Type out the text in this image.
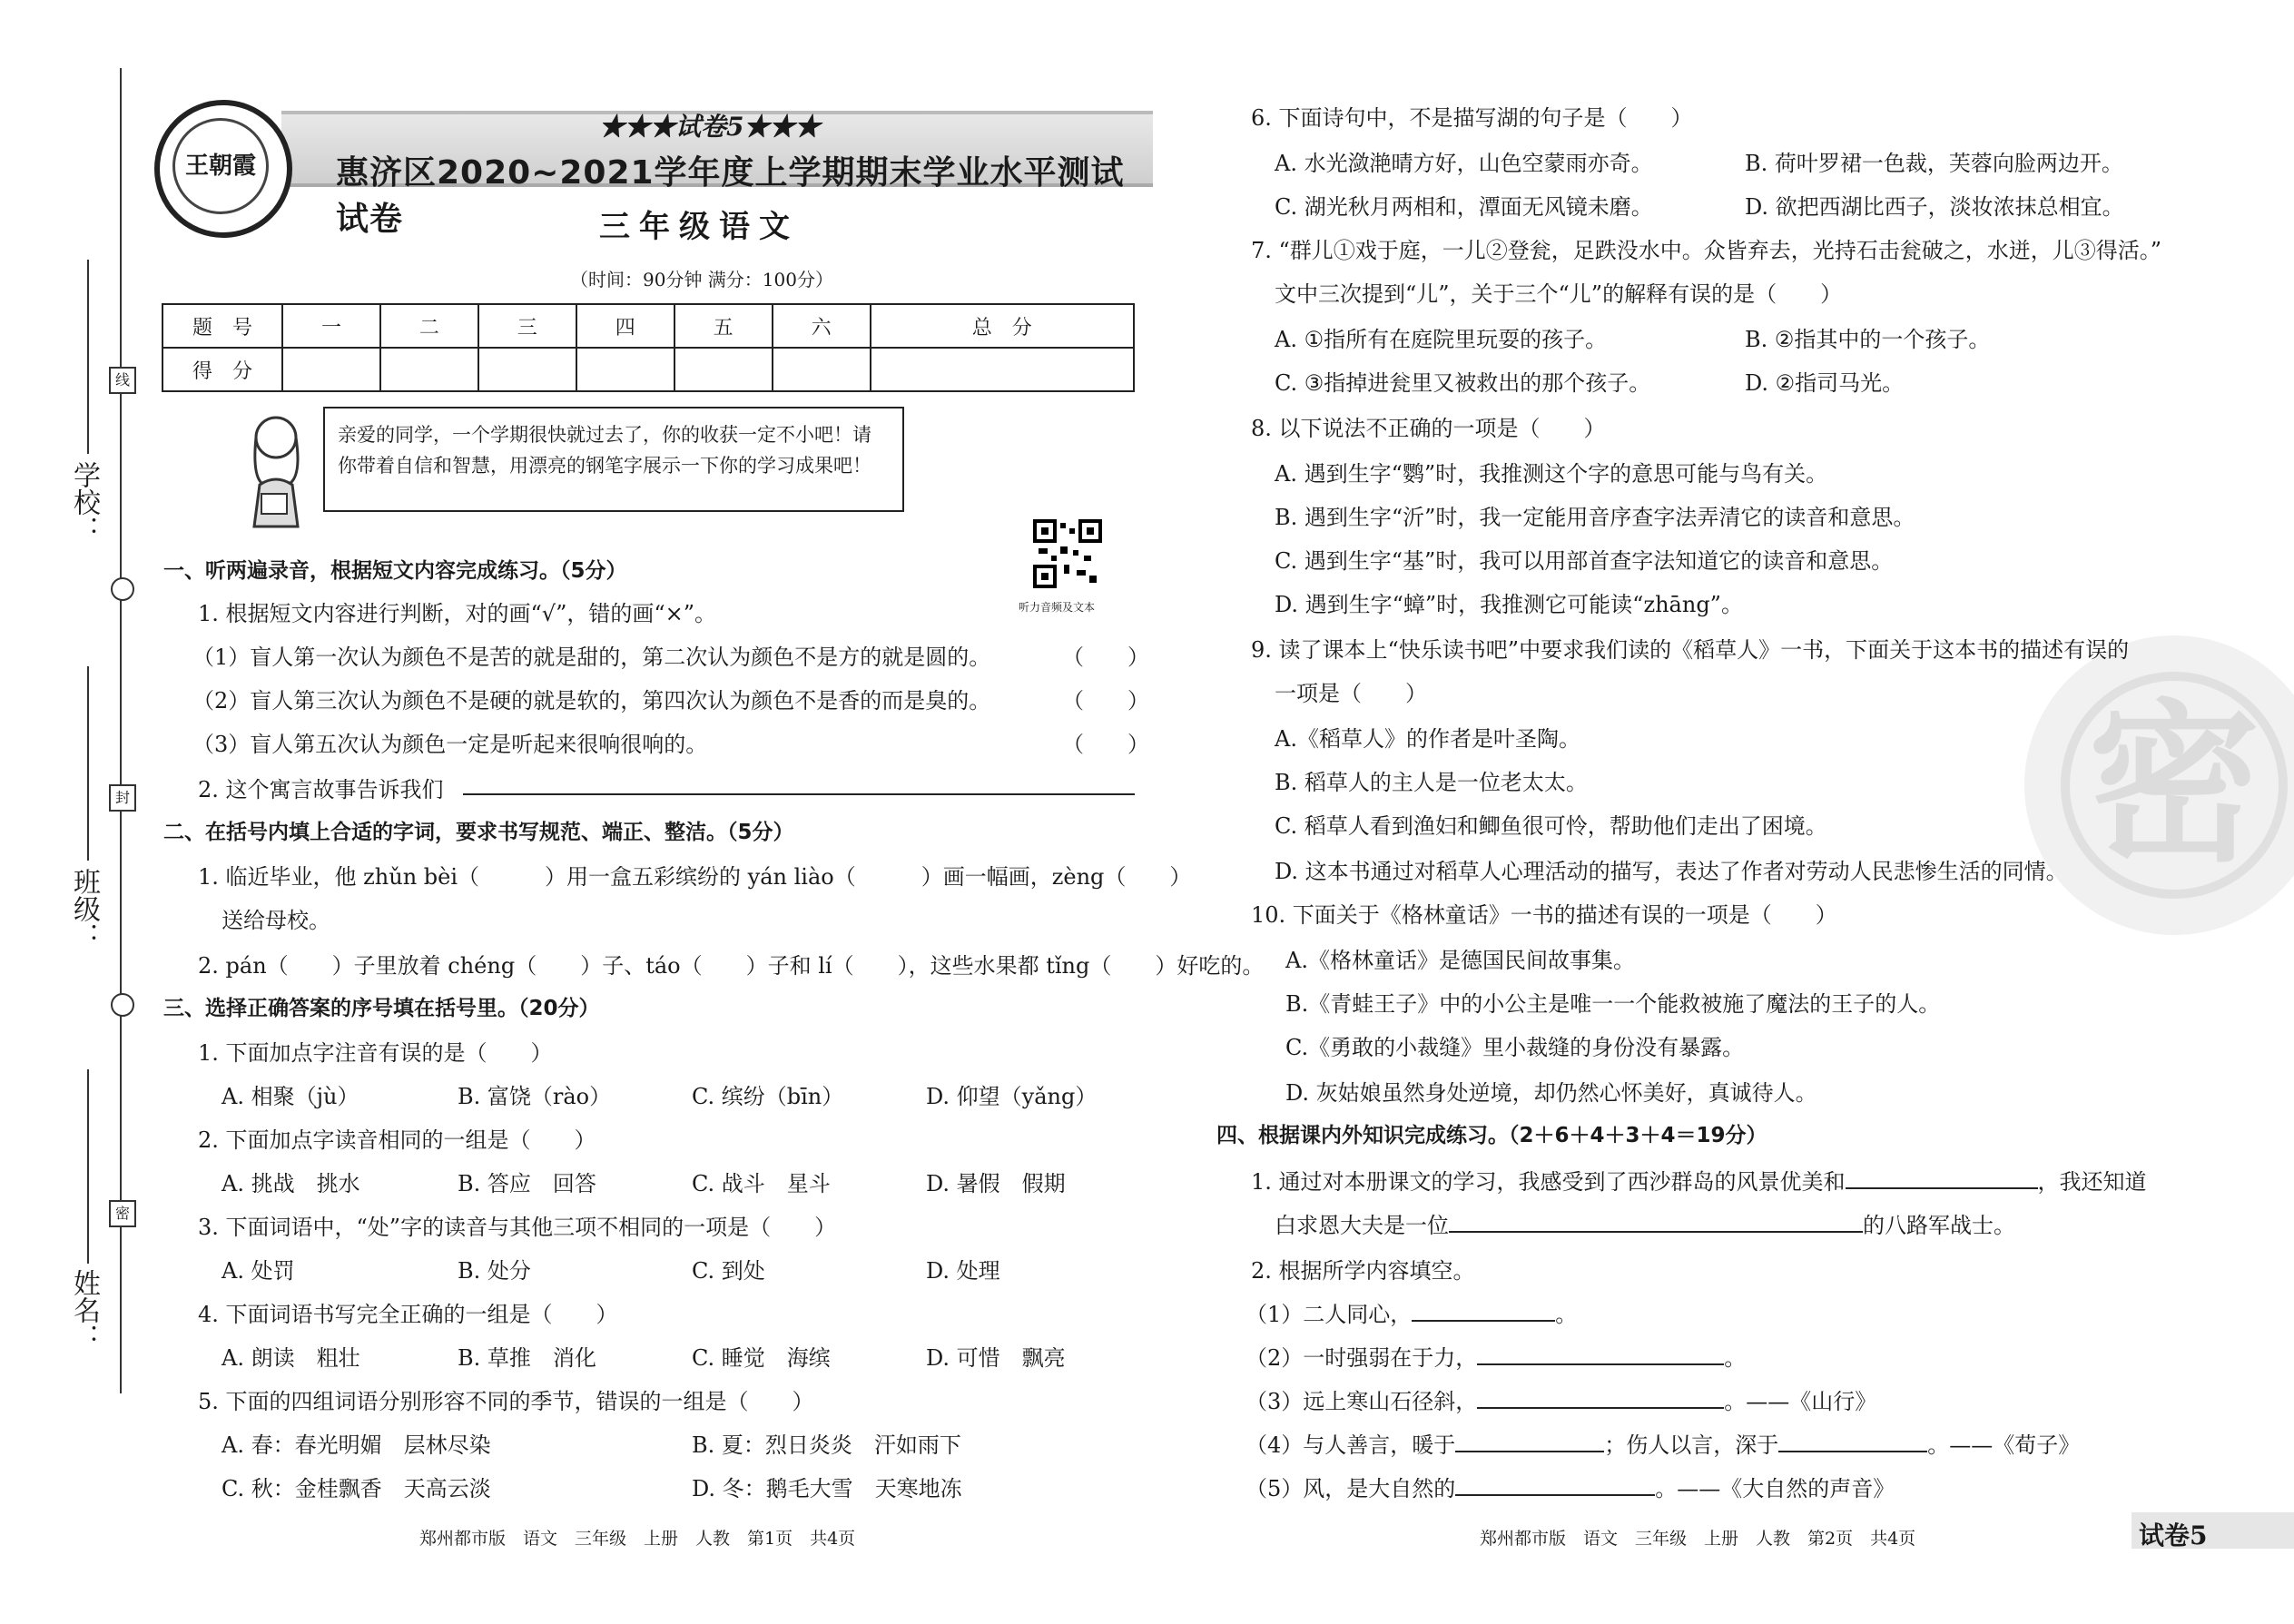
线
封
密
学校：
班级：
姓名：
王朝霞
★★★试卷5★★★
惠济区2020~2021学年度上学期期末学业水平测试试卷	三年级语文
（时间：90分钟 满分：100分）
题　号	一	二	三	四	五	六	总　分
得　分							
亲爱的同学，一个学期很快就过去了，你的收获一定不小吧！请你带着自信和智慧，用漂亮的钢笔字展示一下你的学习成果吧！
听力音频及文本
一、听两遍录音，根据短文内容完成练习。（5分）
1. 根据短文内容进行判断，对的画“√”，错的画“×”。
（1）盲人第一次认为颜色不是苦的就是甜的，第二次认为颜色不是方的就是圆的。	（　　）
（2）盲人第三次认为颜色不是硬的就是软的，第四次认为颜色不是香的而是臭的。	（　　）
（3）盲人第五次认为颜色一定是听起来很响很响的。	（　　）
2. 这个寓言故事告诉我们
二、在括号内填上合适的字词，要求书写规范、端正、整洁。（5分）
1. 临近毕业，他 zhǔn bèi（　　　）用一盒五彩缤纷的 yán liào（　　　）画一幅画，zèng（　　）
送给母校。
2. pán（　　）子里放着 chéng（　　）子、táo（　　）子和 lí（　　），这些水果都 tǐng（　　）好吃的。
三、选择正确答案的序号填在括号里。（20分）
1. 下面加点字注音有误的是（　　）
A. 相聚（jù）	B. 富饶（rào）	C. 缤纷（bīn）	D. 仰望（yǎng）
2. 下面加点字读音相同的一组是（　　）
A. 挑战　挑水	B. 答应　回答	C. 战斗　星斗	D. 暑假　假期
3. 下面词语中，“处”字的读音与其他三项不相同的一项是（　　）
A. 处罚	B. 处分	C. 到处	D. 处理
4. 下面词语书写完全正确的一组是（　　）
A. 朗读　粗壮	B. 草推　消化	C. 睡觉　海缤	D. 可惜　飘亮
5. 下面的四组词语分别形容不同的季节，错误的一组是（　　）
A. 春：春光明媚　层林尽染	B. 夏：烈日炎炎　汗如雨下
C. 秋：金桂飘香　天高云淡	D. 冬：鹅毛大雪　天寒地冻
郑州都市版　语文　三年级　上册　人教　第1页　共4页
密
6. 下面诗句中，不是描写湖的句子是（　　）
A. 水光潋滟晴方好，山色空蒙雨亦奇。	B. 荷叶罗裙一色裁，芙蓉向脸两边开。
C. 湖光秋月两相和，潭面无风镜未磨。	D. 欲把西湖比西子，淡妆浓抹总相宜。
7. “群儿①戏于庭，一儿②登瓮，足跌没水中。众皆弃去，光持石击瓮破之，水迸，儿③得活。”
文中三次提到“儿”，关于三个“儿”的解释有误的是（　　）
A. ①指所有在庭院里玩耍的孩子。	B. ②指其中的一个孩子。
C. ③指掉进瓮里又被救出的那个孩子。	D. ②指司马光。
8. 以下说法不正确的一项是（　　）
A. 遇到生字“鹦”时，我推测这个字的意思可能与鸟有关。
B. 遇到生字“沂”时，我一定能用音序查字法弄清它的读音和意思。
C. 遇到生字“基”时，我可以用部首查字法知道它的读音和意思。
D. 遇到生字“蟑”时，我推测它可能读“zhāng”。
9. 读了课本上“快乐读书吧”中要求我们读的《稻草人》一书，下面关于这本书的描述有误的
一项是（　　）
A.《稻草人》的作者是叶圣陶。
B. 稻草人的主人是一位老太太。
C. 稻草人看到渔妇和鲫鱼很可怜，帮助他们走出了困境。
D. 这本书通过对稻草人心理活动的描写，表达了作者对劳动人民悲惨生活的同情。
10. 下面关于《格林童话》一书的描述有误的一项是（　　）
A.《格林童话》是德国民间故事集。
B.《青蛙王子》中的小公主是唯一一个能救被施了魔法的王子的人。
C.《勇敢的小裁缝》里小裁缝的身份没有暴露。
D. 灰姑娘虽然身处逆境，却仍然心怀美好，真诚待人。
四、根据课内外知识完成练习。（2＋6＋4＋3＋4＝19分）
1. 通过对本册课文的学习，我感受到了西沙群岛的风景优美和	，我还知道
白求恩大夫是一位	的八路军战士。
2. 根据所学内容填空。
（1）二人同心，	。
（2）一时强弱在于力，	。
（3）远上寒山石径斜，	。——《山行》
（4）与人善言，暖于	；伤人以言，深于	。——《荀子》
（5）风，是大自然的	。——《大自然的声音》
郑州都市版　语文　三年级　上册　人教　第2页　共4页	试卷5
